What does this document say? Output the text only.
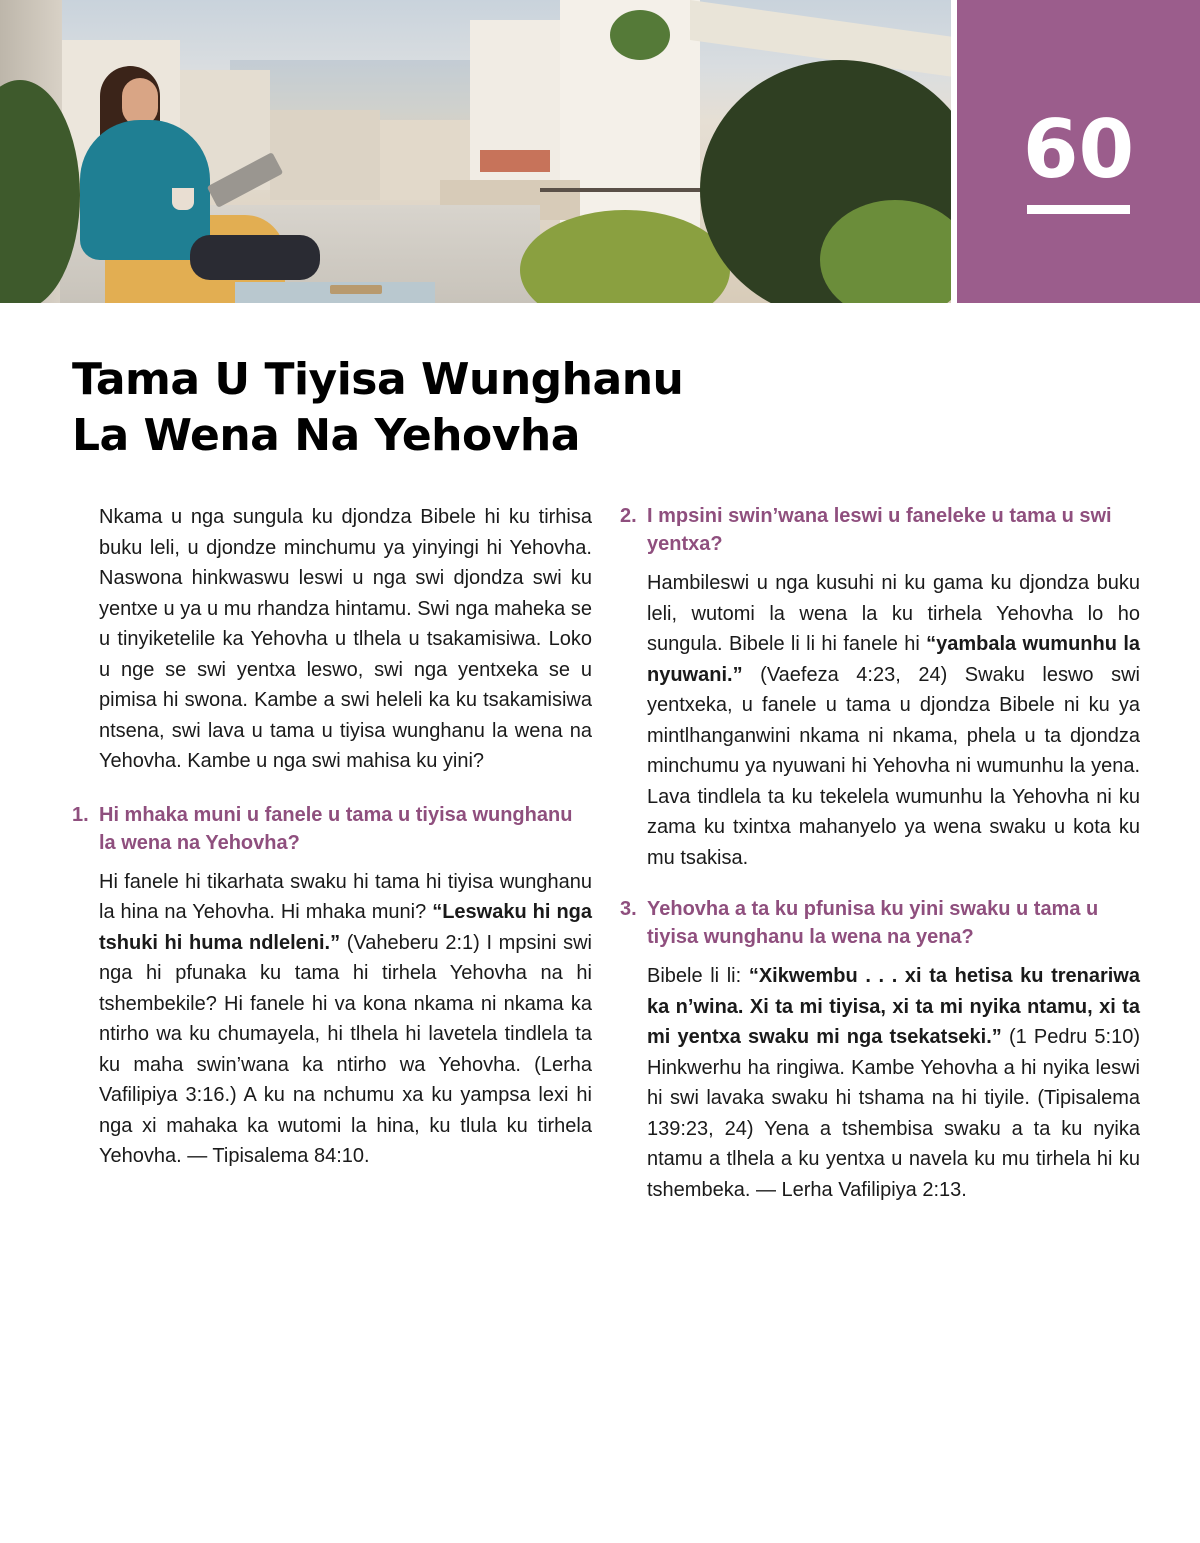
60
Tama U Tiyisa Wunghanu
La Wena Na Yehovha

Nkama u nga sungula ku djondza Bibele hi ku tirhisa buku leli, u djondze minchumu ya yinyingi hi Yehovha. Naswona hinkwaswu leswi u nga swi djondza swi ku yentxe u ya u mu rhandza hintamu. Swi nga maheka se u tinyiketelile ka Yehovha u tlhela u tsakamisiwa. Loko u nge se swi yentxa leswo, swi nga yentxeka se u pimisa hi swona. Kambe a swi heleli ka ku tsakamisiwa ntsena, swi lava u tama u tiyisa wunghanu la wena na Yehovha. Kambe u nga swi mahisa ku yini?

1. Hi mhaka muni u fanele u tama u tiyisa wunghanu la wena na Yehovha?

Hi fanele hi tikarhata swaku hi tama hi tiyisa wunghanu la hina na Yehovha. Hi mhaka muni? “Leswaku hi nga tshuki hi huma ndleleni.” (Vaheberu 2:1) I mpsini swi nga hi pfunaka ku tama hi tirhela Yehovha na hi tshembekile? Hi fanele hi va kona nkama ni nkama ka ntirho wa ku chumayela, hi tlhela hi lavetela tindlela ta ku maha swin’wana ka ntirho wa Yehovha. (Lerha Vafilipiya 3:16.) A ku na nchumu xa ku yampsa lexi hi nga xi mahaka ka wutomi la hina, ku tlula ku tirhela Yehovha. — Tipisalema 84:10.

2. I mpsini swin’wana leswi u faneleke u tama u swi yentxa?

Hambileswi u nga kusuhi ni ku gama ku djondza buku leli, wutomi la wena la ku tirhela Yehovha lo ho sungula. Bibele li li hi fanele hi “yambala wumunhu la nyuwani.” (Vaefeza 4:23, 24) Swaku leswo swi yentxeka, u fanele u tama u djondza Bibele ni ku ya mintlhanganwini nkama ni nkama, phela u ta djondza minchumu ya nyuwani hi Yehovha ni wumunhu la yena. Lava tindlela ta ku tekelela wumunhu la Yehovha ni ku zama ku txintxa mahanyelo ya wena swaku u kota ku mu tsakisa.

3. Yehovha a ta ku pfunisa ku yini swaku u tama u tiyisa wunghanu la wena na yena?

Bibele li li: “Xikwembu . . . xi ta hetisa ku trenariwa ka n’wina. Xi ta mi tiyisa, xi ta mi nyika ntamu, xi ta mi yentxa swaku mi nga tsekatseki.” (1 Pedru 5:10) Hinkwerhu ha ringiwa. Kambe Yehovha a hi nyika leswi hi swi lavaka swaku hi tshama na hi tiyile. (Tipisalema 139:23, 24) Yena a tshembisa swaku a ta ku nyika ntamu a tlhela a ku yentxa u navela ku mu tirhela hi ku tshembeka. — Lerha Vafilipiya 2:13.
